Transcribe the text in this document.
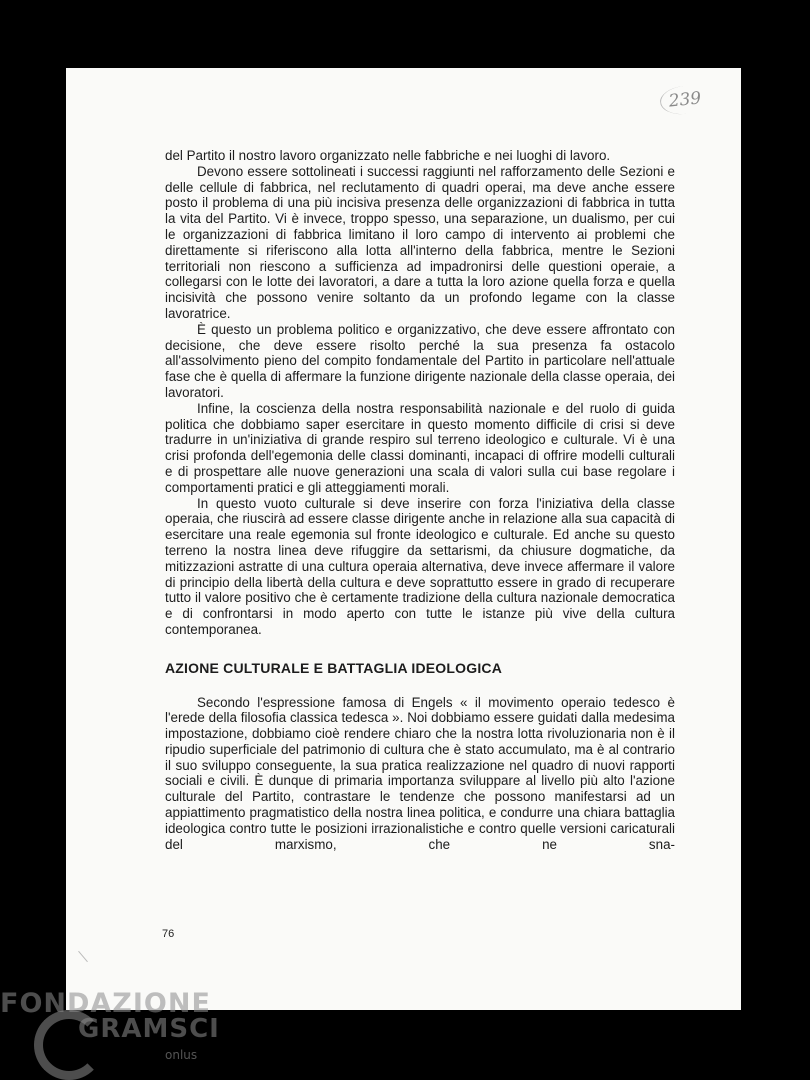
239

del Partito il nostro lavoro organizzato nelle fabbriche e nei luoghi di lavoro.

Devono essere sottolineati i successi raggiunti nel rafforzamento delle Sezioni e delle cellule di fabbrica, nel reclutamento di quadri operai, ma deve anche essere posto il problema di una più incisiva presenza delle organizzazioni di fabbrica in tutta la vita del Partito. Vi è invece, troppo spesso, una separazione, un dualismo, per cui le organizzazioni di fabbrica limitano il loro campo di intervento ai problemi che direttamente si riferiscono alla lotta all'interno della fabbrica, mentre le Sezioni territoriali non riescono a sufficienza ad impadronirsi delle questioni operaie, a collegarsi con le lotte dei lavoratori, a dare a tutta la loro azione quella forza e quella incisività che possono venire soltanto da un profondo legame con la classe lavoratrice.

È questo un problema politico e organizzativo, che deve essere affrontato con decisione, che deve essere risolto perché la sua presenza fa ostacolo all'assolvimento pieno del compito fondamentale del Partito in particolare nell'attuale fase che è quella di affermare la funzione dirigente nazionale della classe operaia, dei lavoratori.

Infine, la coscienza della nostra responsabilità nazionale e del ruolo di guida politica che dobbiamo saper esercitare in questo momento difficile di crisi si deve tradurre in un'iniziativa di grande respiro sul terreno ideologico e culturale. Vi è una crisi profonda dell'egemonia delle classi dominanti, incapaci di offrire modelli culturali e di prospettare alle nuove generazioni una scala di valori sulla cui base regolare i comportamenti pratici e gli atteggiamenti morali.

In questo vuoto culturale si deve inserire con forza l'iniziativa della classe operaia, che riuscirà ad essere classe dirigente anche in relazione alla sua capacità di esercitare una reale egemonia sul fronte ideologico e culturale. Ed anche su questo terreno la nostra linea deve rifuggire da settarismi, da chiusure dogmatiche, da mitizzazioni astratte di una cultura operaia alternativa, deve invece affermare il valore di principio della libertà della cultura e deve soprattutto essere in grado di recuperare tutto il valore positivo che è certamente tradizione della cultura nazionale democratica e di confrontarsi in modo aperto con tutte le istanze più vive della cultura contemporanea.

AZIONE CULTURALE E BATTAGLIA IDEOLOGICA

Secondo l'espressione famosa di Engels « il movimento operaio tedesco è l'erede della filosofia classica tedesca ». Noi dobbiamo essere guidati dalla medesima impostazione, dobbiamo cioè rendere chiaro che la nostra lotta rivoluzionaria non è il ripudio superficiale del patrimonio di cultura che è stato accumulato, ma è al contrario il suo sviluppo conseguente, la sua pratica realizzazione nel quadro di nuovi rapporti sociali e civili. È dunque di primaria importanza sviluppare al livello più alto l'azione culturale del Partito, contrastare le tendenze che possono manifestarsi ad un appiattimento pragmatistico della nostra linea politica, e condurre una chiara battaglia ideologica contro tutte le posizioni irrazionalistiche e contro quelle versioni caricaturali del marxismo, che ne sna-

76
FONDAZIONE
GRAMSCI
onlus
